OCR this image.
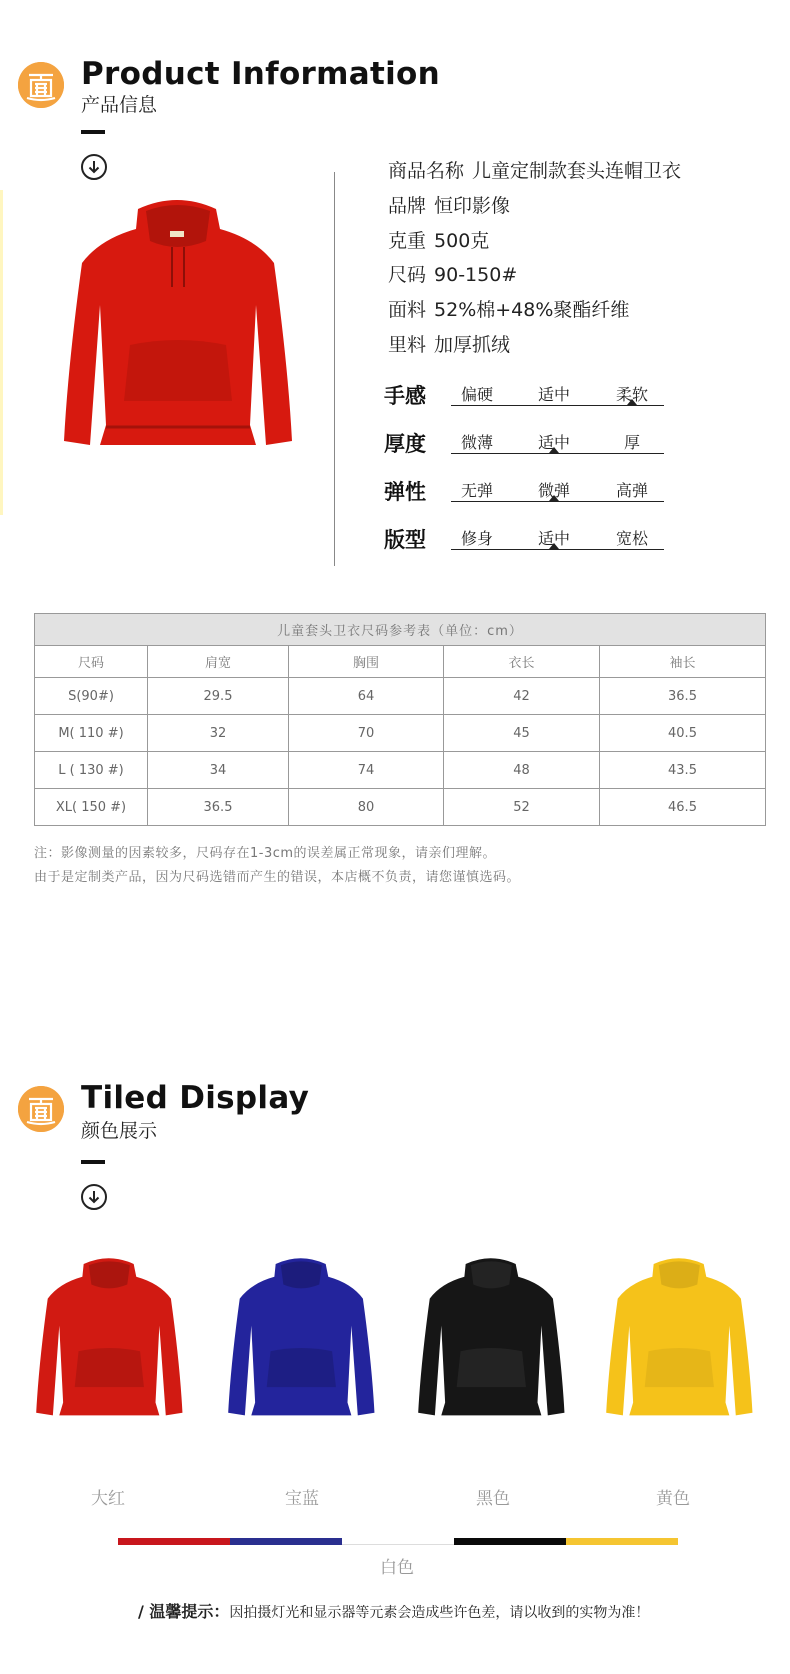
Product Information
产品信息
商品名称 儿童定制款套头连帽卫衣
品牌 恒印影像
克重 500克
尺码 90-150#
面料 52%棉+48%聚酯纤维
里料 加厚抓绒
手感	偏硬	适中	柔软
厚度	微薄	适中	厚
弹性	无弹	微弹	高弹
版型	修身	适中	宽松
儿童套头卫衣尺码参考表（单位：cm）				
尺码	肩宽	胸围	衣长	袖长
S(90#)	29.5	64	42	36.5
M( 110 #)	32	70	45	40.5
L ( 130 #)	34	74	48	43.5
XL( 150 #)	36.5	80	52	46.5
注：影像测量的因素较多，尺码存在1-3cm的误差属正常现象，请亲们理解。
由于是定制类产品，因为尺码选错而产生的错误，本店概不负责，请您谨慎选码。
Tiled Display
颜色展示
大红	宝蓝	黑色	黄色
白色
/ 温馨提示：因拍摄灯光和显示器等元素会造成些许色差，请以收到的实物为准！
